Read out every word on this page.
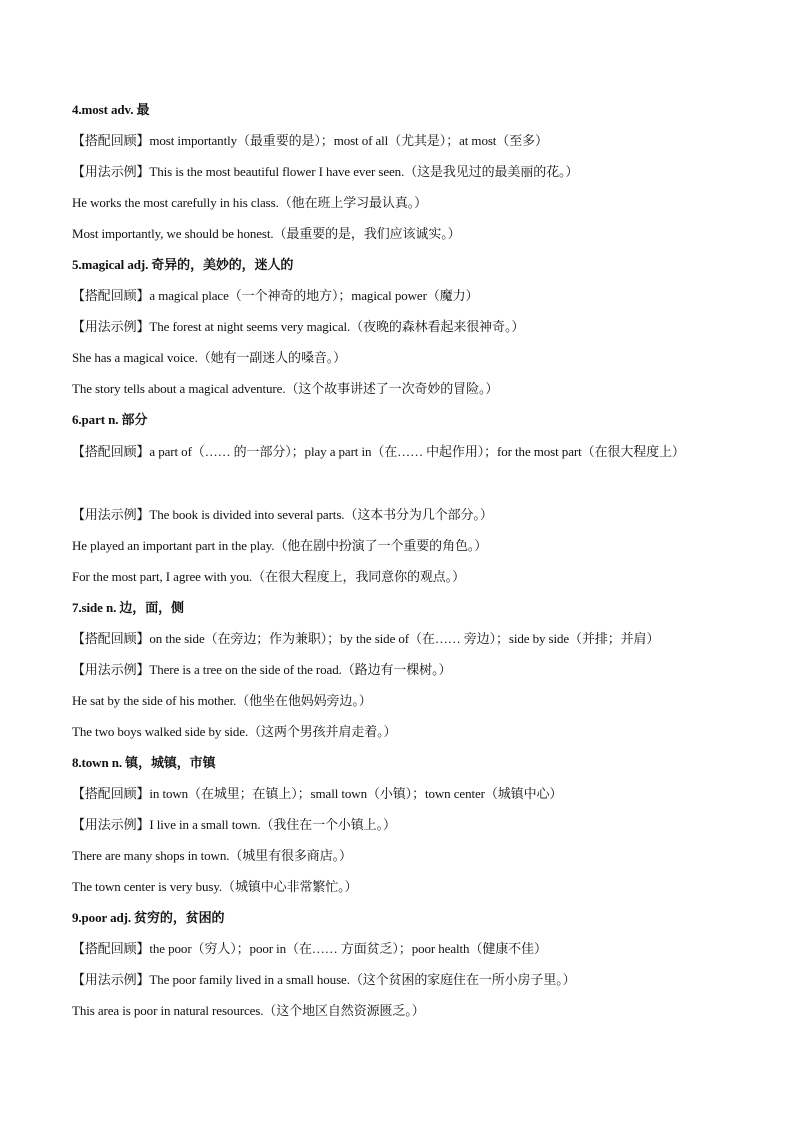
4.most adv. 最
【搭配回顾】most importantly（最重要的是）；most of all（尤其是）；at most（至多）
【用法示例】This is the most beautiful flower I have ever seen.（这是我见过的最美丽的花。）
He works the most carefully in his class.（他在班上学习最认真。）
Most importantly, we should be honest.（最重要的是，我们应该诚实。）
5.magical adj. 奇异的，美妙的，迷人的
【搭配回顾】a magical place（一个神奇的地方）；magical power（魔力）
【用法示例】The forest at night seems very magical.（夜晚的森林看起来很神奇。）
She has a magical voice.（她有一副迷人的嗓音。）
The story tells about a magical adventure.（这个故事讲述了一次奇妙的冒险。）
6.part n. 部分
【搭配回顾】a part of（…… 的一部分）；play a part in（在…… 中起作用）；for the most part（在很大程度上）
【用法示例】The book is divided into several parts.（这本书分为几个部分。）
He played an important part in the play.（他在剧中扮演了一个重要的角色。）
For the most part, I agree with you.（在很大程度上，我同意你的观点。）
7.side n. 边，面，侧
【搭配回顾】on the side（在旁边；作为兼职）；by the side of（在…… 旁边）；side by side（并排；并肩）
【用法示例】There is a tree on the side of the road.（路边有一棵树。）
He sat by the side of his mother.（他坐在他妈妈旁边。）
The two boys walked side by side.（这两个男孩并肩走着。）
8.town n. 镇，城镇，市镇
【搭配回顾】in town（在城里；在镇上）；small town（小镇）；town center（城镇中心）
【用法示例】I live in a small town.（我住在一个小镇上。）
There are many shops in town.（城里有很多商店。）
The town center is very busy.（城镇中心非常繁忙。）
9.poor adj. 贫穷的，贫困的
【搭配回顾】the poor（穷人）；poor in（在…… 方面贫乏）；poor health（健康不佳）
【用法示例】The poor family lived in a small house.（这个贫困的家庭住在一所小房子里。）
This area is poor in natural resources.（这个地区自然资源匮乏。）
